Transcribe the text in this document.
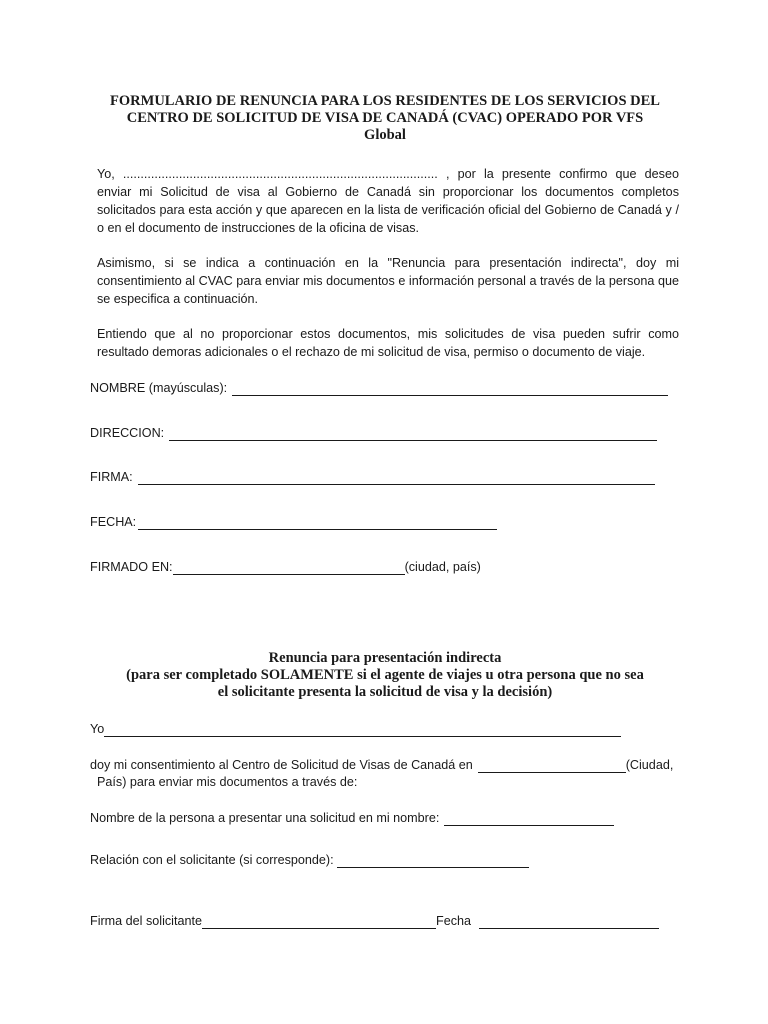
FORMULARIO DE RENUNCIA PARA LOS RESIDENTES DE LOS SERVICIOS DEL
CENTRO DE SOLICITUD DE VISA DE CANADÁ (CVAC) OPERADO POR VFS
Global

Yo, .......................................................................................... , por la presente confirmo que deseo
enviar mi Solicitud de visa al Gobierno de Canadá sin proporcionar los documentos completos solicitados para esta acción y que aparecen en la lista de verificación oficial del Gobierno de Canadá y / o en el documento de instrucciones de la oficina de visas.

Asimismo, si se indica a continuación en la "Renuncia para presentación indirecta", doy mi consentimiento al CVAC para enviar mis documentos e información personal a través de la persona que se especifica a continuación.

Entiendo que al no proporcionar estos documentos, mis solicitudes de visa pueden sufrir como resultado demoras adicionales o el rechazo de mi solicitud de visa, permiso o documento de viaje.

NOMBRE (mayúsculas):
DIRECCION:
FIRMA:
FECHA:
FIRMADO EN:	(ciudad, país)
Renuncia para presentación indirecta
(para ser completado SOLAMENTE si el agente de viajes u otra persona que no sea
el solicitante presenta la solicitud de visa y la decisión)
Yo
doy mi consentimiento al Centro de Solicitud de Visas de Canadá en	(Ciudad,

País) para enviar mis documentos a través de:

Nombre de la persona a presentar una solicitud en mi nombre:
Relación con el solicitante (si corresponde):
Firma del solicitante	Fecha
